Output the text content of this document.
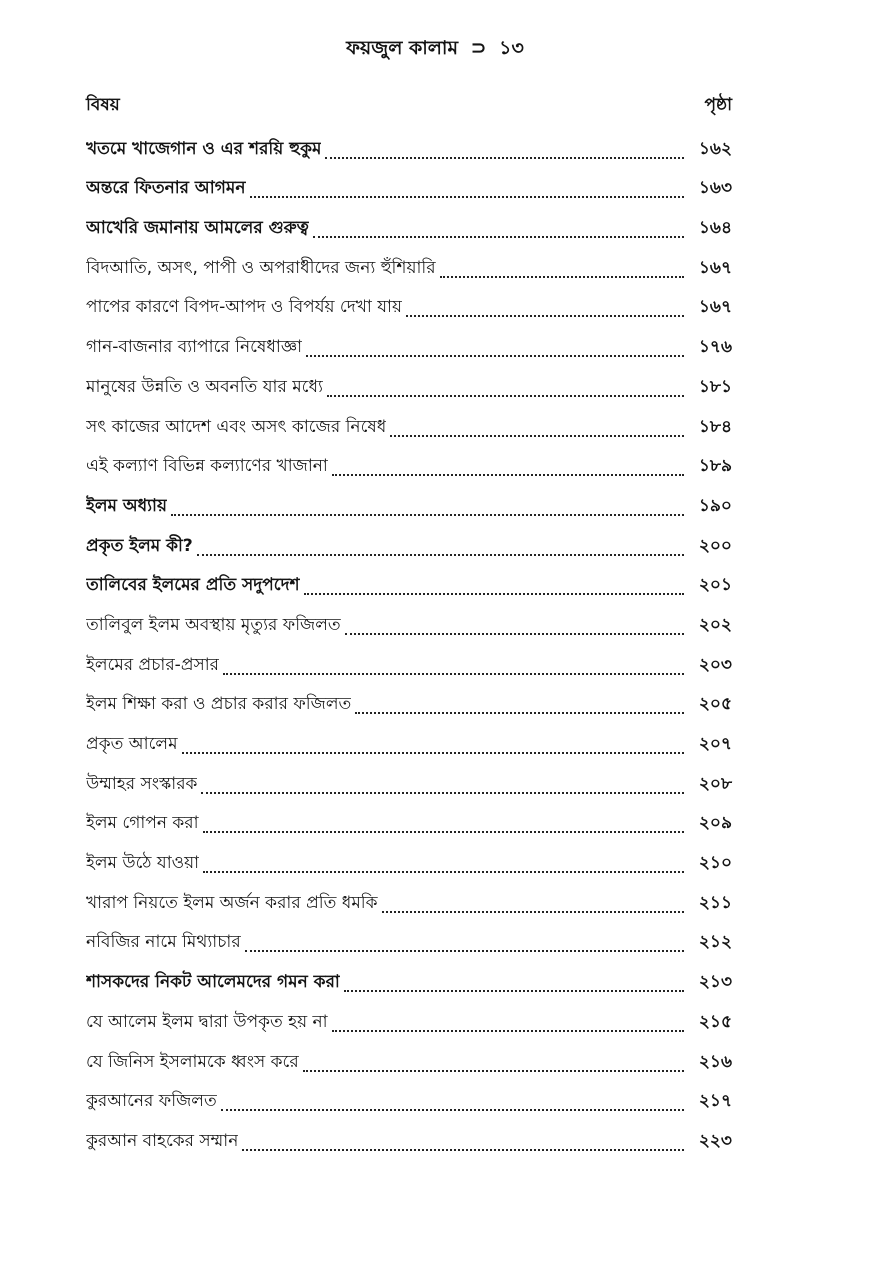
ফয়জুল কালাম ⊃ ১৩
বিষয়	পৃষ্ঠা
খতমে খাজেগান ও এর শরয়ি হুকুম	১৬২
অন্তরে ফিতনার আগমন	১৬৩
আখেরি জমানায় আমলের গুরুত্ব	১৬৪
বিদআতি, অসৎ, পাপী ও অপরাধীদের জন্য হুঁশিয়ারি	১৬৭
পাপের কারণে বিপদ-আপদ ও বিপর্যয় দেখা যায়	১৬৭
গান-বাজনার ব্যাপারে নিষেধাজ্ঞা	১৭৬
মানুষের উন্নতি ও অবনতি যার মধ্যে	১৮১
সৎ কাজের আদেশ এবং অসৎ কাজের নিষেধ	১৮৪
এই কল্যাণ বিভিন্ন কল্যাণের খাজানা	১৮৯
ইলম অধ্যায়	১৯০
প্রকৃত ইলম কী?	২০০
তালিবের ইলমের প্রতি সদুপদেশ	২০১
তালিবুল ইলম অবস্থায় মৃত্যুর ফজিলত	২০২
ইলমের প্রচার-প্রসার	২০৩
ইলম শিক্ষা করা ও প্রচার করার ফজিলত	২০৫
প্রকৃত আলেম	২০৭
উম্মাহর সংস্কারক	২০৮
ইলম গোপন করা	২০৯
ইলম উঠে যাওয়া	২১০
খারাপ নিয়তে ইলম অর্জন করার প্রতি ধমকি	২১১
নবিজির নামে মিথ্যাচার	২১২
শাসকদের নিকট আলেমদের গমন করা	২১৩
যে আলেম ইলম দ্বারা উপকৃত হয় না	২১৫
যে জিনিস ইসলামকে ধ্বংস করে	২১৬
কুরআনের ফজিলত	২১৭
কুরআন বাহকের সম্মান	২২৩
